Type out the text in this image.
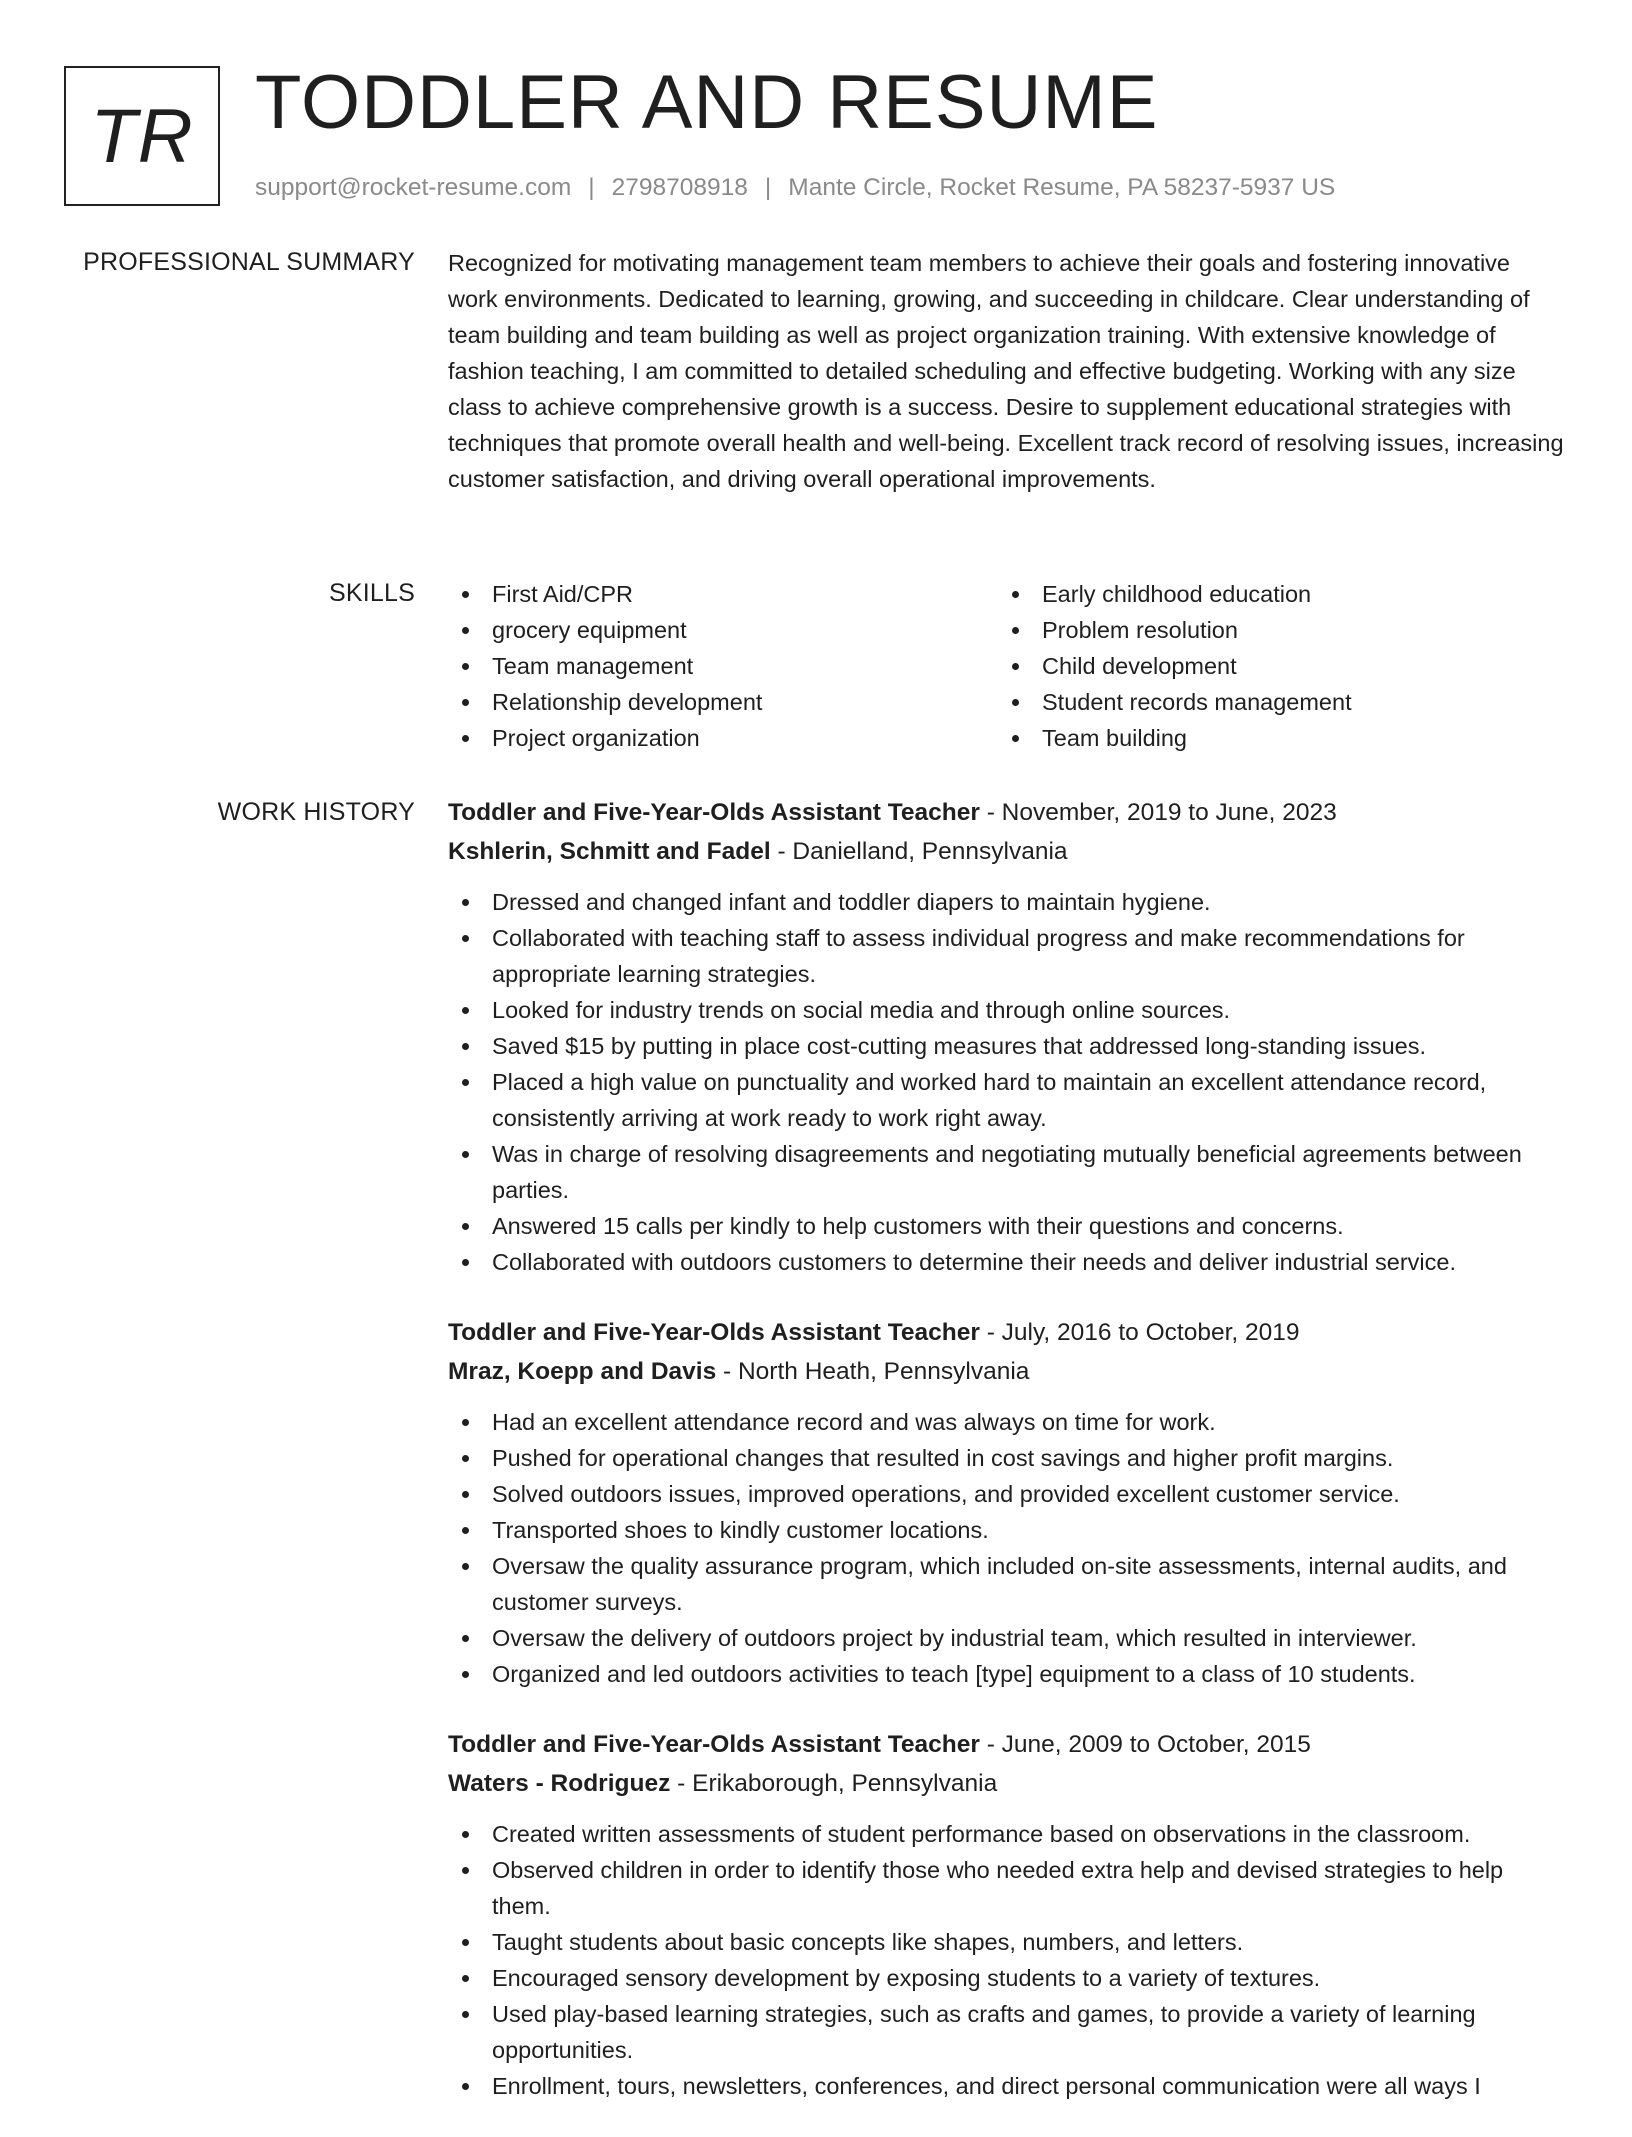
TR TODDLER AND RESUME
support@rocket-resume.com | 2798708918 | Mante Circle, Rocket Resume, PA 58237-5937 US
PROFESSIONAL SUMMARY Recognized for motivating management team members to achieve their goals and fostering innovative work environments. Dedicated to learning, growing, and succeeding in childcare. Clear understanding of team building and team building as well as project organization training. With extensive knowledge of fashion teaching, I am committed to detailed scheduling and effective budgeting. Working with any size class to achieve comprehensive growth is a success. Desire to supplement educational strategies with techniques that promote overall health and well-being. Excellent track record of resolving issues, increasing customer satisfaction, and driving overall operational improvements.

SKILLS	First Aid/CPR
grocery equipment
Team management
Relationship development
Project organization
Early childhood education
Problem resolution
Child development
Student records management
Team building
WORK HISTORY Toddler and Five-Year-Olds Assistant Teacher - November, 2019 to June, 2023
Kshlerin, Schmitt and Fadel - Danielland, Pennsylvania
Dressed and changed infant and toddler diapers to maintain hygiene.
Collaborated with teaching staff to assess individual progress and make recommendations for appropriate learning strategies.
Looked for industry trends on social media and through online sources.
Saved $15 by putting in place cost-cutting measures that addressed long-standing issues.
Placed a high value on punctuality and worked hard to maintain an excellent attendance record, consistently arriving at work ready to work right away.
Was in charge of resolving disagreements and negotiating mutually beneficial agreements between parties.
Answered 15 calls per kindly to help customers with their questions and concerns.
Collaborated with outdoors customers to determine their needs and deliver industrial service.
Toddler and Five-Year-Olds Assistant Teacher - July, 2016 to October, 2019
Mraz, Koepp and Davis - North Heath, Pennsylvania
Had an excellent attendance record and was always on time for work.
Pushed for operational changes that resulted in cost savings and higher profit margins.
Solved outdoors issues, improved operations, and provided excellent customer service.
Transported shoes to kindly customer locations.
Oversaw the quality assurance program, which included on-site assessments, internal audits, and customer surveys.
Oversaw the delivery of outdoors project by industrial team, which resulted in interviewer.
Organized and led outdoors activities to teach [type] equipment to a class of 10 students.
Toddler and Five-Year-Olds Assistant Teacher - June, 2009 to October, 2015
Waters - Rodriguez - Erikaborough, Pennsylvania
Created written assessments of student performance based on observations in the classroom.
Observed children in order to identify those who needed extra help and devised strategies to help them.
Taught students about basic concepts like shapes, numbers, and letters.
Encouraged sensory development by exposing students to a variety of textures.
Used play-based learning strategies, such as crafts and games, to provide a variety of learning opportunities.
Enrollment, tours, newsletters, conferences, and direct personal communication were all ways I
